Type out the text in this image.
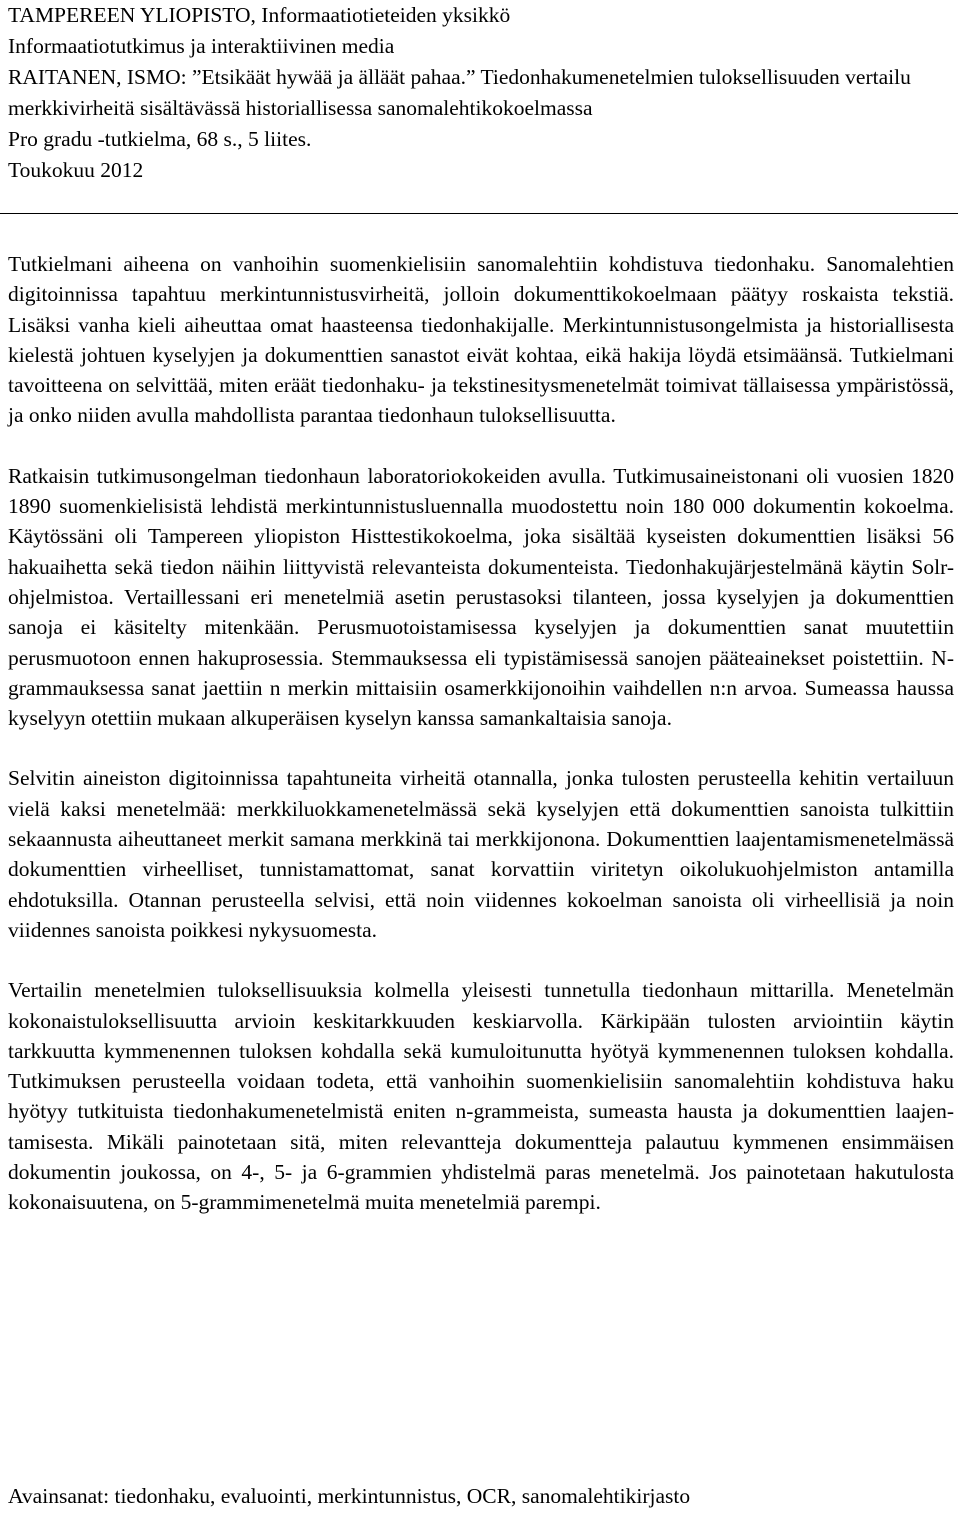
TAMPEREEN YLIOPISTO, Informaatiotieteiden yksikkö
Informaatiotutkimus ja interaktiivinen media
RAITANEN, ISMO: ”Etsikäät hywää ja älläät pahaa.” Tiedonhakumenetelmien tuloksellisuuden vertailu merkkivirheitä sisältävässä historiallisessa sanomalehtikokoelmassa
Pro gradu -tutkielma, 68 s., 5 liites.
Toukokuu 2012

Tutkielmani aiheena on vanhoihin suomenkielisiin sanomalehtiin kohdistuva tiedonhaku. Sanomalehtien digitoinnissa tapahtuu merkintunnistusvirheitä, jolloin dokumenttikokoelmaan päätyy roskaista tekstiä. Lisäksi vanha kieli aiheuttaa omat haasteensa tiedonhakijalle. Merkintunnistusongelmista ja historiallisesta kielestä johtuen kyselyjen ja dokumenttien sanastot eivät kohtaa, eikä hakija löydä etsimäänsä. Tutkielmani tavoitteena on selvittää, miten eräät tiedonhaku- ja tekstinesitysmenetelmät toimivat tällaisessa ympäristössä, ja onko niiden avulla mahdollista parantaa tiedonhaun tuloksellisuutta.

Ratkaisin tutkimusongelman tiedonhaun laboratoriokokeiden avulla. Tutkimusaineistonani oli vuosien 1820 1890 suomenkielisistä lehdistä merkintunnistusluennalla muodostettu noin 180 000 dokumentin kokoelma. Käytössäni oli Tampereen yliopiston Histtestikokoelma, joka sisältää kyseisten dokumenttien lisäksi 56 hakuaihetta sekä tiedon näihin liittyvistä relevanteista dokumenteista. Tiedonhakujärjestelmänä käytin Solr-ohjelmistoa. Vertaillessani eri menetelmiä asetin perustasoksi tilanteen, jossa kyselyjen ja dokumenttien sanoja ei käsitelty mitenkään. Perusmuotoistamisessa kyselyjen ja dokumenttien sanat muutettiin perusmuotoon ennen hakuprosessia. Stemmauksessa eli typistämisessä sanojen pääteainekset poistettiin. N-grammauksessa sanat jaettiin n merkin mittaisiin osamerkkijonoihin vaihdellen n:n arvoa. Sumeassa haussa kyselyyn otettiin mukaan alkuperäisen kyselyn kanssa samankaltaisia sanoja.

Selvitin aineiston digitoinnissa tapahtuneita virheitä otannalla, jonka tulosten perusteella kehitin vertailuun vielä kaksi menetelmää: merkkiluokkamenetelmässä sekä kyselyjen että dokumenttien sanoista tulkittiin sekaannusta aiheuttaneet merkit samana merkkinä tai merkkijonona. Dokumenttien laajentamismenetelmässä dokumenttien virheelliset, tunnistamattomat, sanat korvattiin viritetyn oikolukuohjelmiston antamilla ehdotuksilla. Otannan perusteella selvisi, että noin viidennes kokoelman sanoista oli virheellisiä ja noin viidennes sanoista poikkesi nykysuomesta.

Vertailin menetelmien tuloksellisuuksia kolmella yleisesti tunnetulla tiedonhaun mittarilla. Menetelmän kokonaistuloksellisuutta arvioin keskitarkkuuden keskiarvolla. Kärkipään tulosten arviointiin käytin tarkkuutta kymmenennen tuloksen kohdalla sekä kumuloitunutta hyötyä kymmenennen tuloksen kohdalla. Tutkimuksen perusteella voidaan todeta, että vanhoihin suomenkielisiin sanomalehtiin kohdistuva haku hyötyy tutkituista tiedonhakumenetelmistä eniten n-grammeista, sumeasta hausta ja dokumenttien laajentamisesta. Mikäli painotetaan sitä, miten relevantteja dokumentteja palautuu kymmenen ensimmäisen dokumentin joukossa, on 4-, 5- ja 6-grammien yhdistelmä paras menetelmä. Jos painotetaan hakutulosta kokonaisuutena, on 5-grammimenetelmä muita menetelmiä parempi.

Avainsanat: tiedonhaku, evaluointi, merkintunnistus, OCR, sanomalehtikirjasto
